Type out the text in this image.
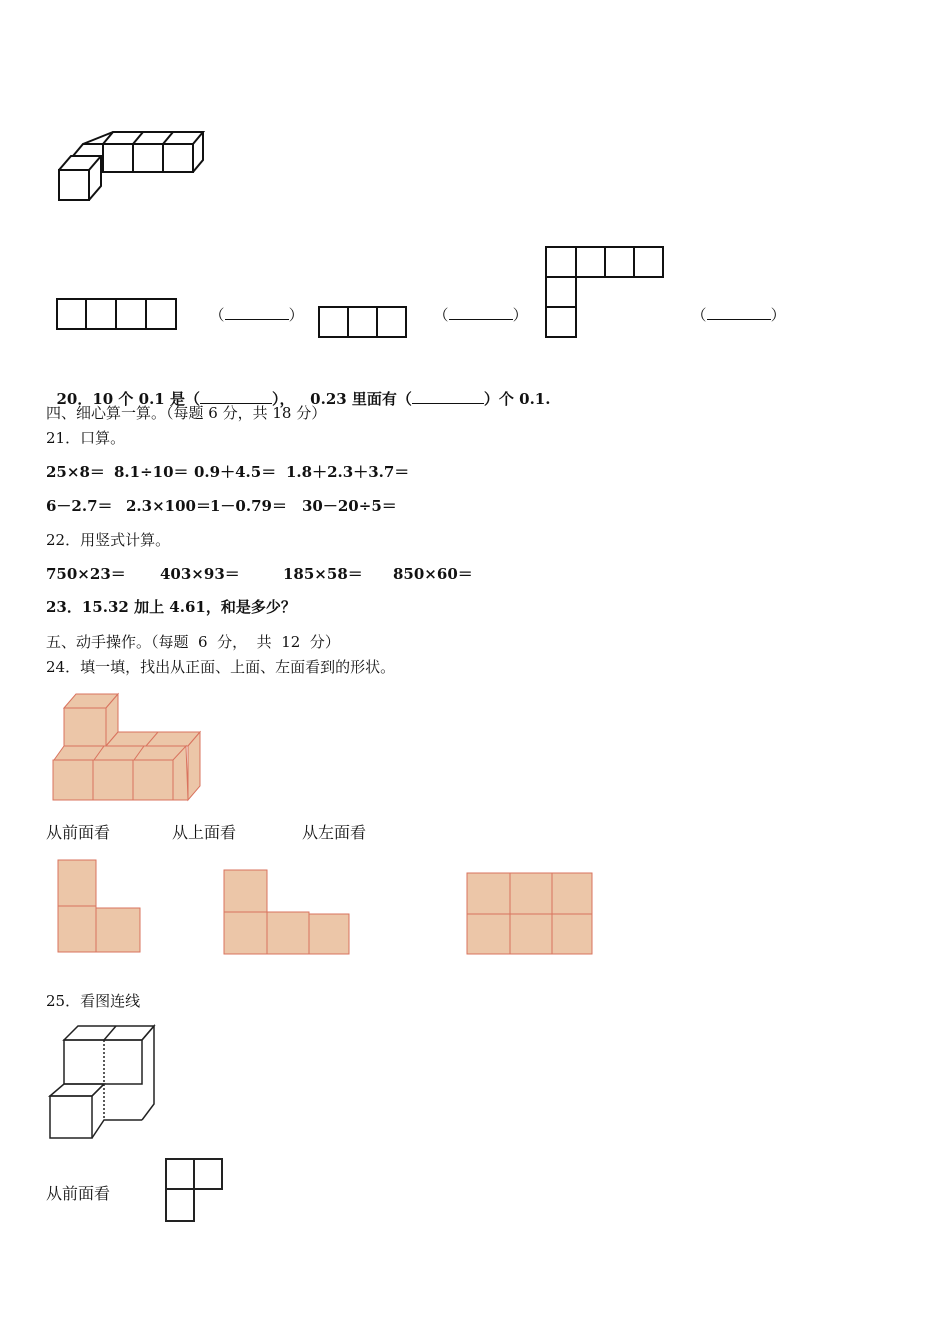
（	）	（	）	（	）

20．10 个 0.1 是（	）， 0.23 里面有（	）个 0.1.

四、细心算一算。（每题 6 分，共 18 分）
21．口算。
25×8＝ 8.1÷10＝ 0.9＋4.5＝ 1.8＋2.3＋3.7＝
6－2.7＝ 2.3×100＝ 1－0.79＝ 30－20÷5＝
22．用竖式计算。
750×23＝ 403×93＝	185×58＝ 850×60＝
23．15.32 加上 4.61，和是多少？
五、动手操作。（每题  6  分，  共  12  分）
24．填一填，找出从正面、上面、左面看到的形状。
从前面看	从上面看	从左面看
25．看图连线
从前面看
